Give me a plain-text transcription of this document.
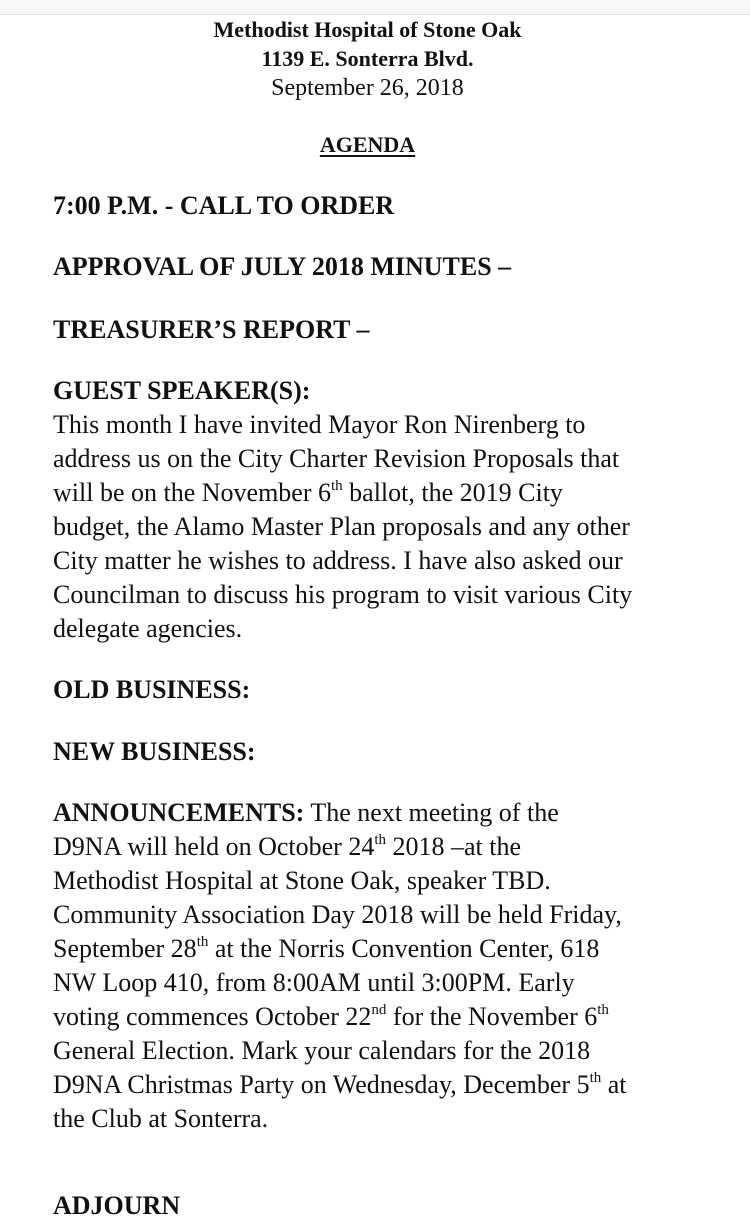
Methodist Hospital of Stone Oak
1139 E. Sonterra Blvd.
September 26, 2018
AGENDA
7:00 P.M. - CALL TO ORDER
APPROVAL OF JULY 2018 MINUTES –
TREASURER’S REPORT –
GUEST SPEAKER(S):
This month I have invited Mayor Ron Nirenberg to
address us on the City Charter Revision Proposals that
will be on the November 6th ballot, the 2019 City
budget, the Alamo Master Plan proposals and any other
City matter he wishes to address. I have also asked our
Councilman to discuss his program to visit various City
delegate agencies.
OLD BUSINESS:
NEW BUSINESS:
ANNOUNCEMENTS: The next meeting of the
D9NA will held on October 24th 2018 –at the
Methodist Hospital at Stone Oak, speaker TBD.
Community Association Day 2018 will be held Friday,
September 28th at the Norris Convention Center, 618
NW Loop 410, from 8:00AM until 3:00PM. Early
voting commences October 22nd for the November 6th
General Election. Mark your calendars for the 2018
D9NA Christmas Party on Wednesday, December 5th at
the Club at Sonterra.
ADJOURN
